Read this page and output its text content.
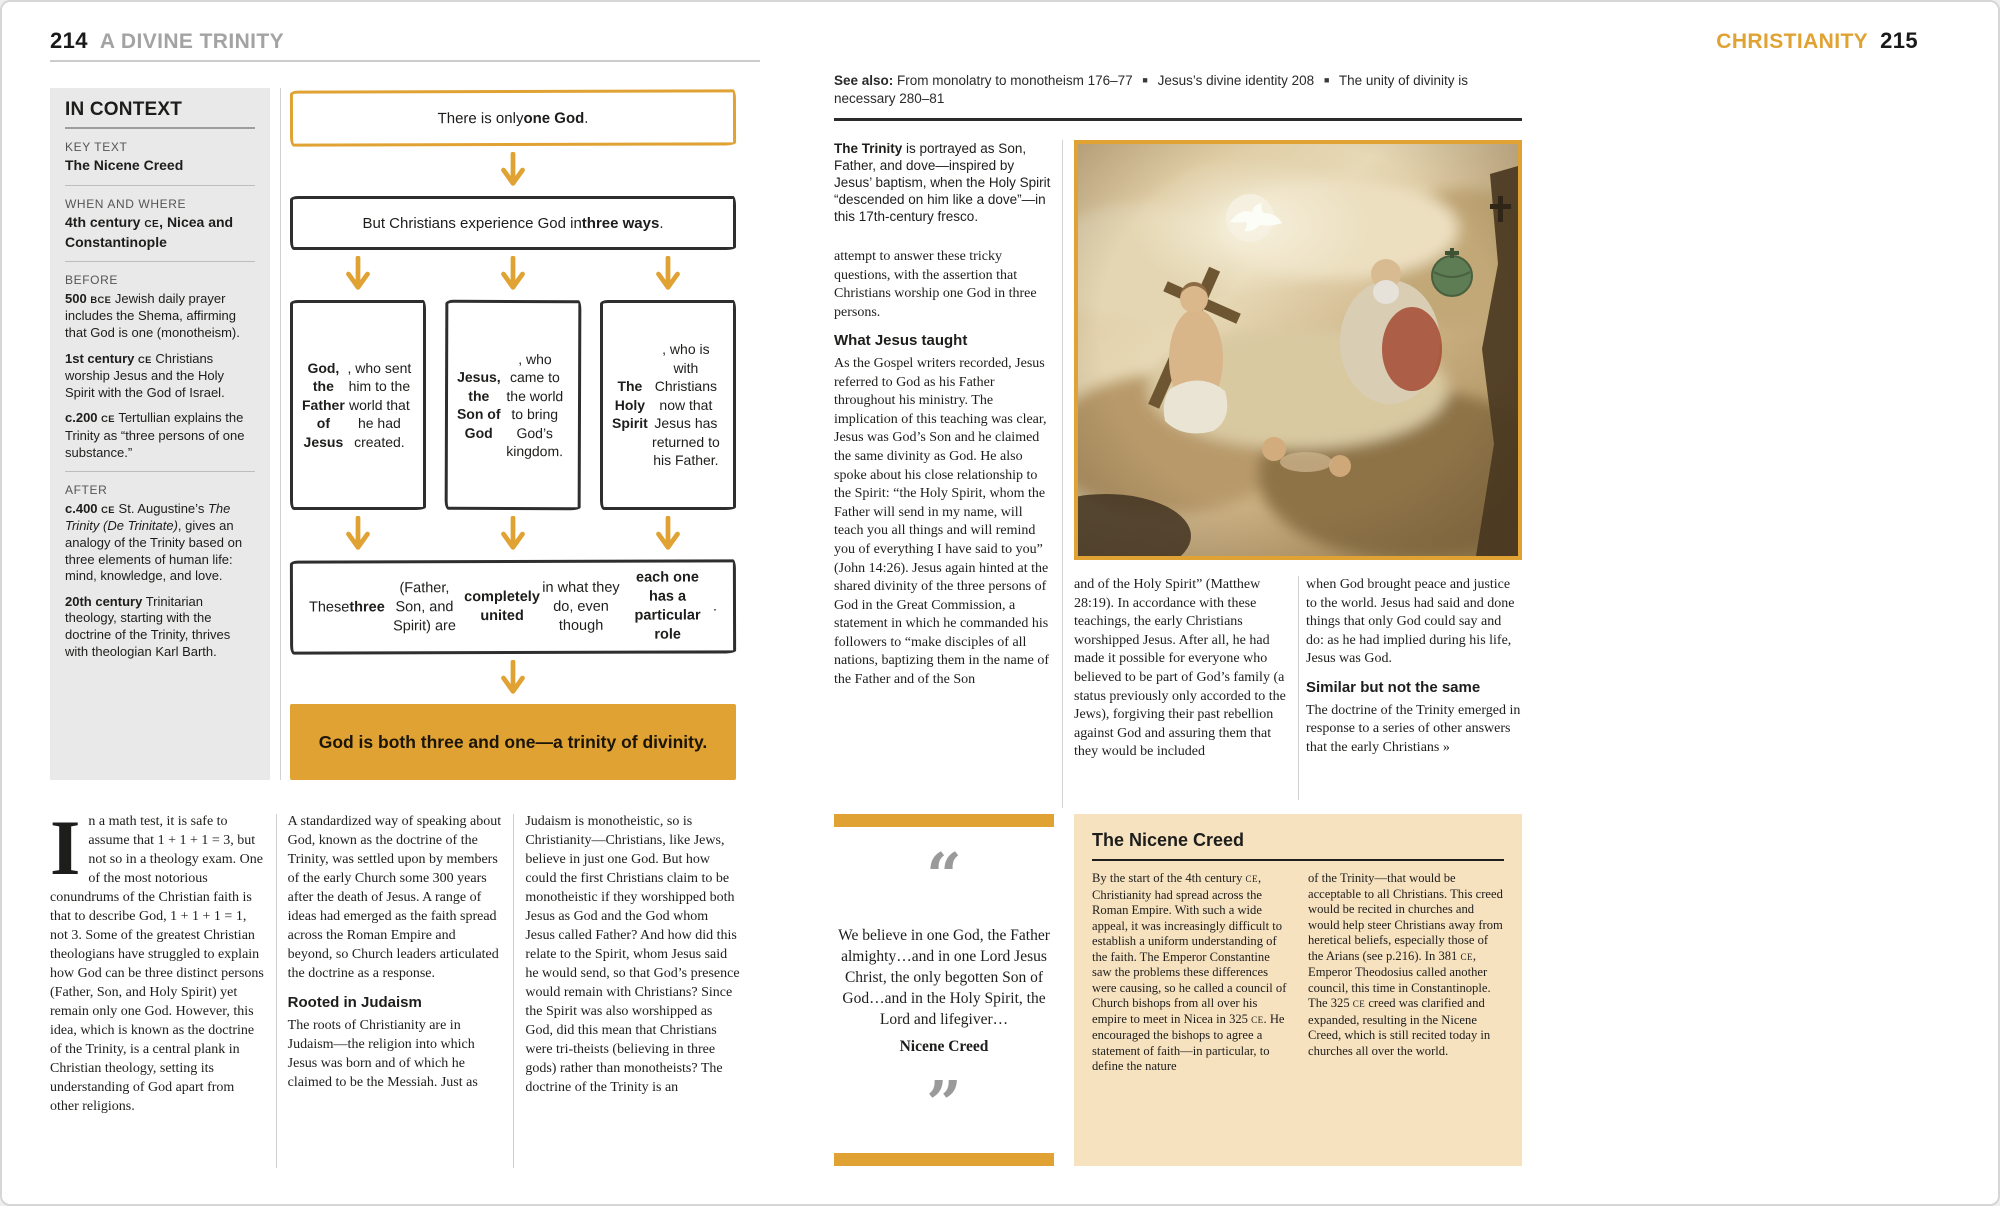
214 A DIVINE TRINITY
IN CONTEXT
KEY TEXT
The Nicene Creed
WHEN AND WHERE
4th century CE, Nicea and Constantinople
BEFORE

500 BCE Jewish daily prayer includes the Shema, affirming that God is one (monotheism).

1st century CE Christians worship Jesus and the Holy Spirit with the God of Israel.

c.200 CE Tertullian explains the Trinity as “three persons of one substance.”

AFTER

c.400 CE St. Augustine’s The Trinity (De Trinitate), gives an analogy of the Trinity based on three elements of human life: mind, knowledge, and love.

20th century Trinitarian theology, starting with the doctrine of the Trinity, thrives with theologian Karl Barth.

There is only one God .
But Christians experience God in three ways .
God, the Father of Jesus
, who sent him to the world that he had created.
Jesus, the Son of God
, who came to the world to bring God’s kingdom.
The Holy Spirit
, who is with Christians now that Jesus has returned to his Father.
These three
(Father, Son, and Spirit) are
completely united
in what they do, even though
each one has a particular role
.
God is both three and one—a trinity of divinity.
In a math test, it is safe to assume that 1 + 1 + 1 = 3, but not so in a theology exam. One of the most notorious conundrums of the Christian faith is that to describe God, 1 + 1 + 1 = 1, not 3. Some of the greatest Christian theologians have struggled to explain how God can be three distinct persons (Father, Son, and Holy Spirit) yet remain only one God. However, this idea, which is known as the doctrine of the Trinity, is a central plank in Christian theology, setting its understanding of God apart from other religions.

A standardized way of speaking about God, known as the doctrine of the Trinity, was settled upon by members of the early Church some 300 years after the death of Jesus. A range of ideas had emerged as the faith spread across the Roman Empire and beyond, so Church leaders articulated the doctrine as a response.

Rooted in Judaism

The roots of Christianity are in Judaism—the religion into which Jesus was born and of which he claimed to be the Messiah. Just as

Judaism is monotheistic, so is Christianity—Christians, like Jews, believe in just one God. But how could the first Christians claim to be monotheistic if they worshipped both Jesus as God and the God whom Jesus called Father? And how did this relate to the Spirit, whom Jesus said he would send, so that God’s presence would remain with Christians? Since the Spirit was also worshipped as God, did this mean that Christians were tri-theists (believing in three gods) rather than monotheists? The doctrine of the Trinity is an

CHRISTIANITY 215
See also: From monolatry to monotheism 176–77 ■ Jesus’s divine identity 208 ■ The unity of divinity is necessary 280–81
The Trinity is portrayed as Son, Father, and dove—inspired by Jesus’ baptism, when the Holy Spirit “descended on him like a dove”—in this 17th-century fresco.

attempt to answer these tricky questions, with the assertion that Christians worship one God in three persons.

What Jesus taught

As the Gospel writers recorded, Jesus referred to God as his Father throughout his ministry. The implication of this teaching was clear, Jesus was God’s Son and he claimed the same divinity as God. He also spoke about his close relationship to the Spirit: “the Holy Spirit, whom the Father will send in my name, will teach you all things and will remind you of everything I have said to you” (John 14:26). Jesus again hinted at the shared divinity of the three persons of God in the Great Commission, a statement in which he commanded his followers to “make disciples of all nations, baptizing them in the name of the Father and of the Son

and of the Holy Spirit” (Matthew 28:19). In accordance with these teachings, the early Christians worshipped Jesus. After all, he had made it possible for everyone who believed to be part of God’s family (a status previously only accorded to the Jews), forgiving their past rebellion against God and assuring them that they would be included

when God brought peace and justice to the world. Jesus had said and done things that only God could say and do: as he had implied during his life, Jesus was God.

Similar but not the same

The doctrine of the Trinity emerged in response to a series of other answers that the early Christians »

“
We believe in one God, the Father almighty…and in one Lord Jesus Christ, the only begotten Son of God…and in the Holy Spirit, the Lord and lifegiver…
Nicene Creed
”
The Nicene Creed
By the start of the 4th century CE, Christianity had spread across the Roman Empire. With such a wide appeal, it was increasingly difficult to establish a uniform understanding of the faith. The Emperor Constantine saw the problems these differences were causing, so he called a council of Church bishops from all over his empire to meet in Nicea in 325 CE. He encouraged the bishops to agree a statement of faith—in particular, to define the nature
of the Trinity—that would be acceptable to all Christians. This creed would be recited in churches and would help steer Christians away from heretical beliefs, especially those of the Arians (see p.216). In 381 CE, Emperor Theodosius called another council, this time in Constantinople. The 325 CE creed was clarified and expanded, resulting in the Nicene Creed, which is still recited today in churches all over the world.
